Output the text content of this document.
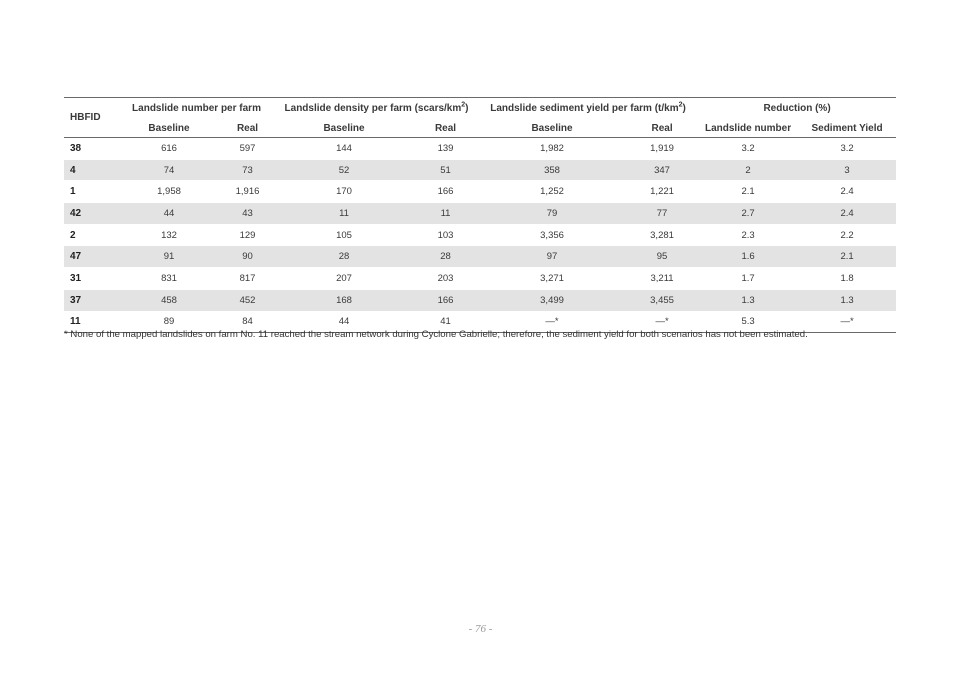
HBFID	Landslide number per farm		Landslide density per farm $(scars/km^2)$		Landslide sediment yield per farm $(t/km^2)$		Reduction (%)	
	Baseline	Real	Baseline	Real	Baseline	Real	Landslide number	Sediment Yield
38	616	597	144	139	1,982	1,919	3.2	3.2
4	74	73	52	51	358	347	2	3
1	1,958	1,916	170	166	1,252	1,221	2.1	2.4
42	44	43	11	11	79	77	2.7	2.4
2	132	129	105	103	3,356	3,281	2.3	2.2
47	91	90	28	28	97	95	1.6	2.1
31	831	817	207	203	3,271	3,211	1.7	1.8
37	458	452	168	166	3,499	3,455	1.3	1.3
11	89	84	44	41	—*	—*	5.3	—*
* None of the mapped landslides on farm No. 11 reached the stream network during Cyclone Gabrielle; therefore, the sediment yield for both scenarios has not been estimated.
- 76 -
